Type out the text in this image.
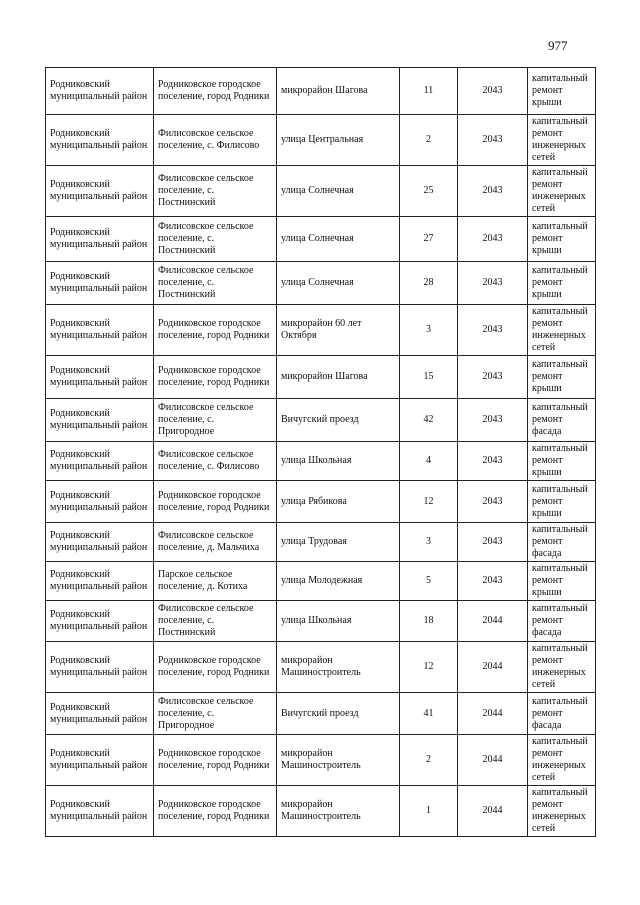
977
Родниковский муниципальный район	Родниковское городское поселение, город Родники	микрорайон Шагова	11	2043	капитальный ремонт крыши
Родниковский муниципальный район	Филисовское сельское поселение, с. Филисово	улица Центральная	2	2043	капитальный ремонт инженерных сетей
Родниковский муниципальный район	Филисовское сельское поселение, с. Постнинский	улица Солнечная	25	2043	капитальный ремонт инженерных сетей
Родниковский муниципальный район	Филисовское сельское поселение, с. Постнинский	улица Солнечная	27	2043	капитальный ремонт крыши
Родниковский муниципальный район	Филисовское сельское поселение, с. Постнинский	улица Солнечная	28	2043	капитальный ремонт крыши
Родниковский муниципальный район	Родниковское городское поселение, город Родники	микрорайон 60 лет Октября	3	2043	капитальный ремонт инженерных сетей
Родниковский муниципальный район	Родниковское городское поселение, город Родники	микрорайон Шагова	15	2043	капитальный ремонт крыши
Родниковский муниципальный район	Филисовское сельское поселение, с. Пригородное	Вичугский проезд	42	2043	капитальный ремонт фасада
Родниковский муниципальный район	Филисовское сельское поселение, с. Филисово	улица Школьная	4	2043	капитальный ремонт крыши
Родниковский муниципальный район	Родниковское городское поселение, город Родники	улица Рябикова	12	2043	капитальный ремонт крыши
Родниковский муниципальный район	Филисовское сельское поселение, д. Мальчиха	улица Трудовая	3	2043	капитальный ремонт фасада
Родниковский муниципальный район	Парское сельское поселение, д. Котиха	улица Молодежная	5	2043	капитальный ремонт крыши
Родниковский муниципальный район	Филисовское сельское поселение, с. Постнинский	улица Школьная	18	2044	капитальный ремонт фасада
Родниковский муниципальный район	Родниковское городское поселение, город Родники	микрорайон Машиностроитель	12	2044	капитальный ремонт инженерных сетей
Родниковский муниципальный район	Филисовское сельское поселение, с. Пригородное	Вичугский проезд	41	2044	капитальный ремонт фасада
Родниковский муниципальный район	Родниковское городское поселение, город Родники	микрорайон Машиностроитель	2	2044	капитальный ремонт инженерных сетей
Родниковский муниципальный район	Родниковское городское поселение, город Родники	микрорайон Машиностроитель	1	2044	капитальный ремонт инженерных сетей
